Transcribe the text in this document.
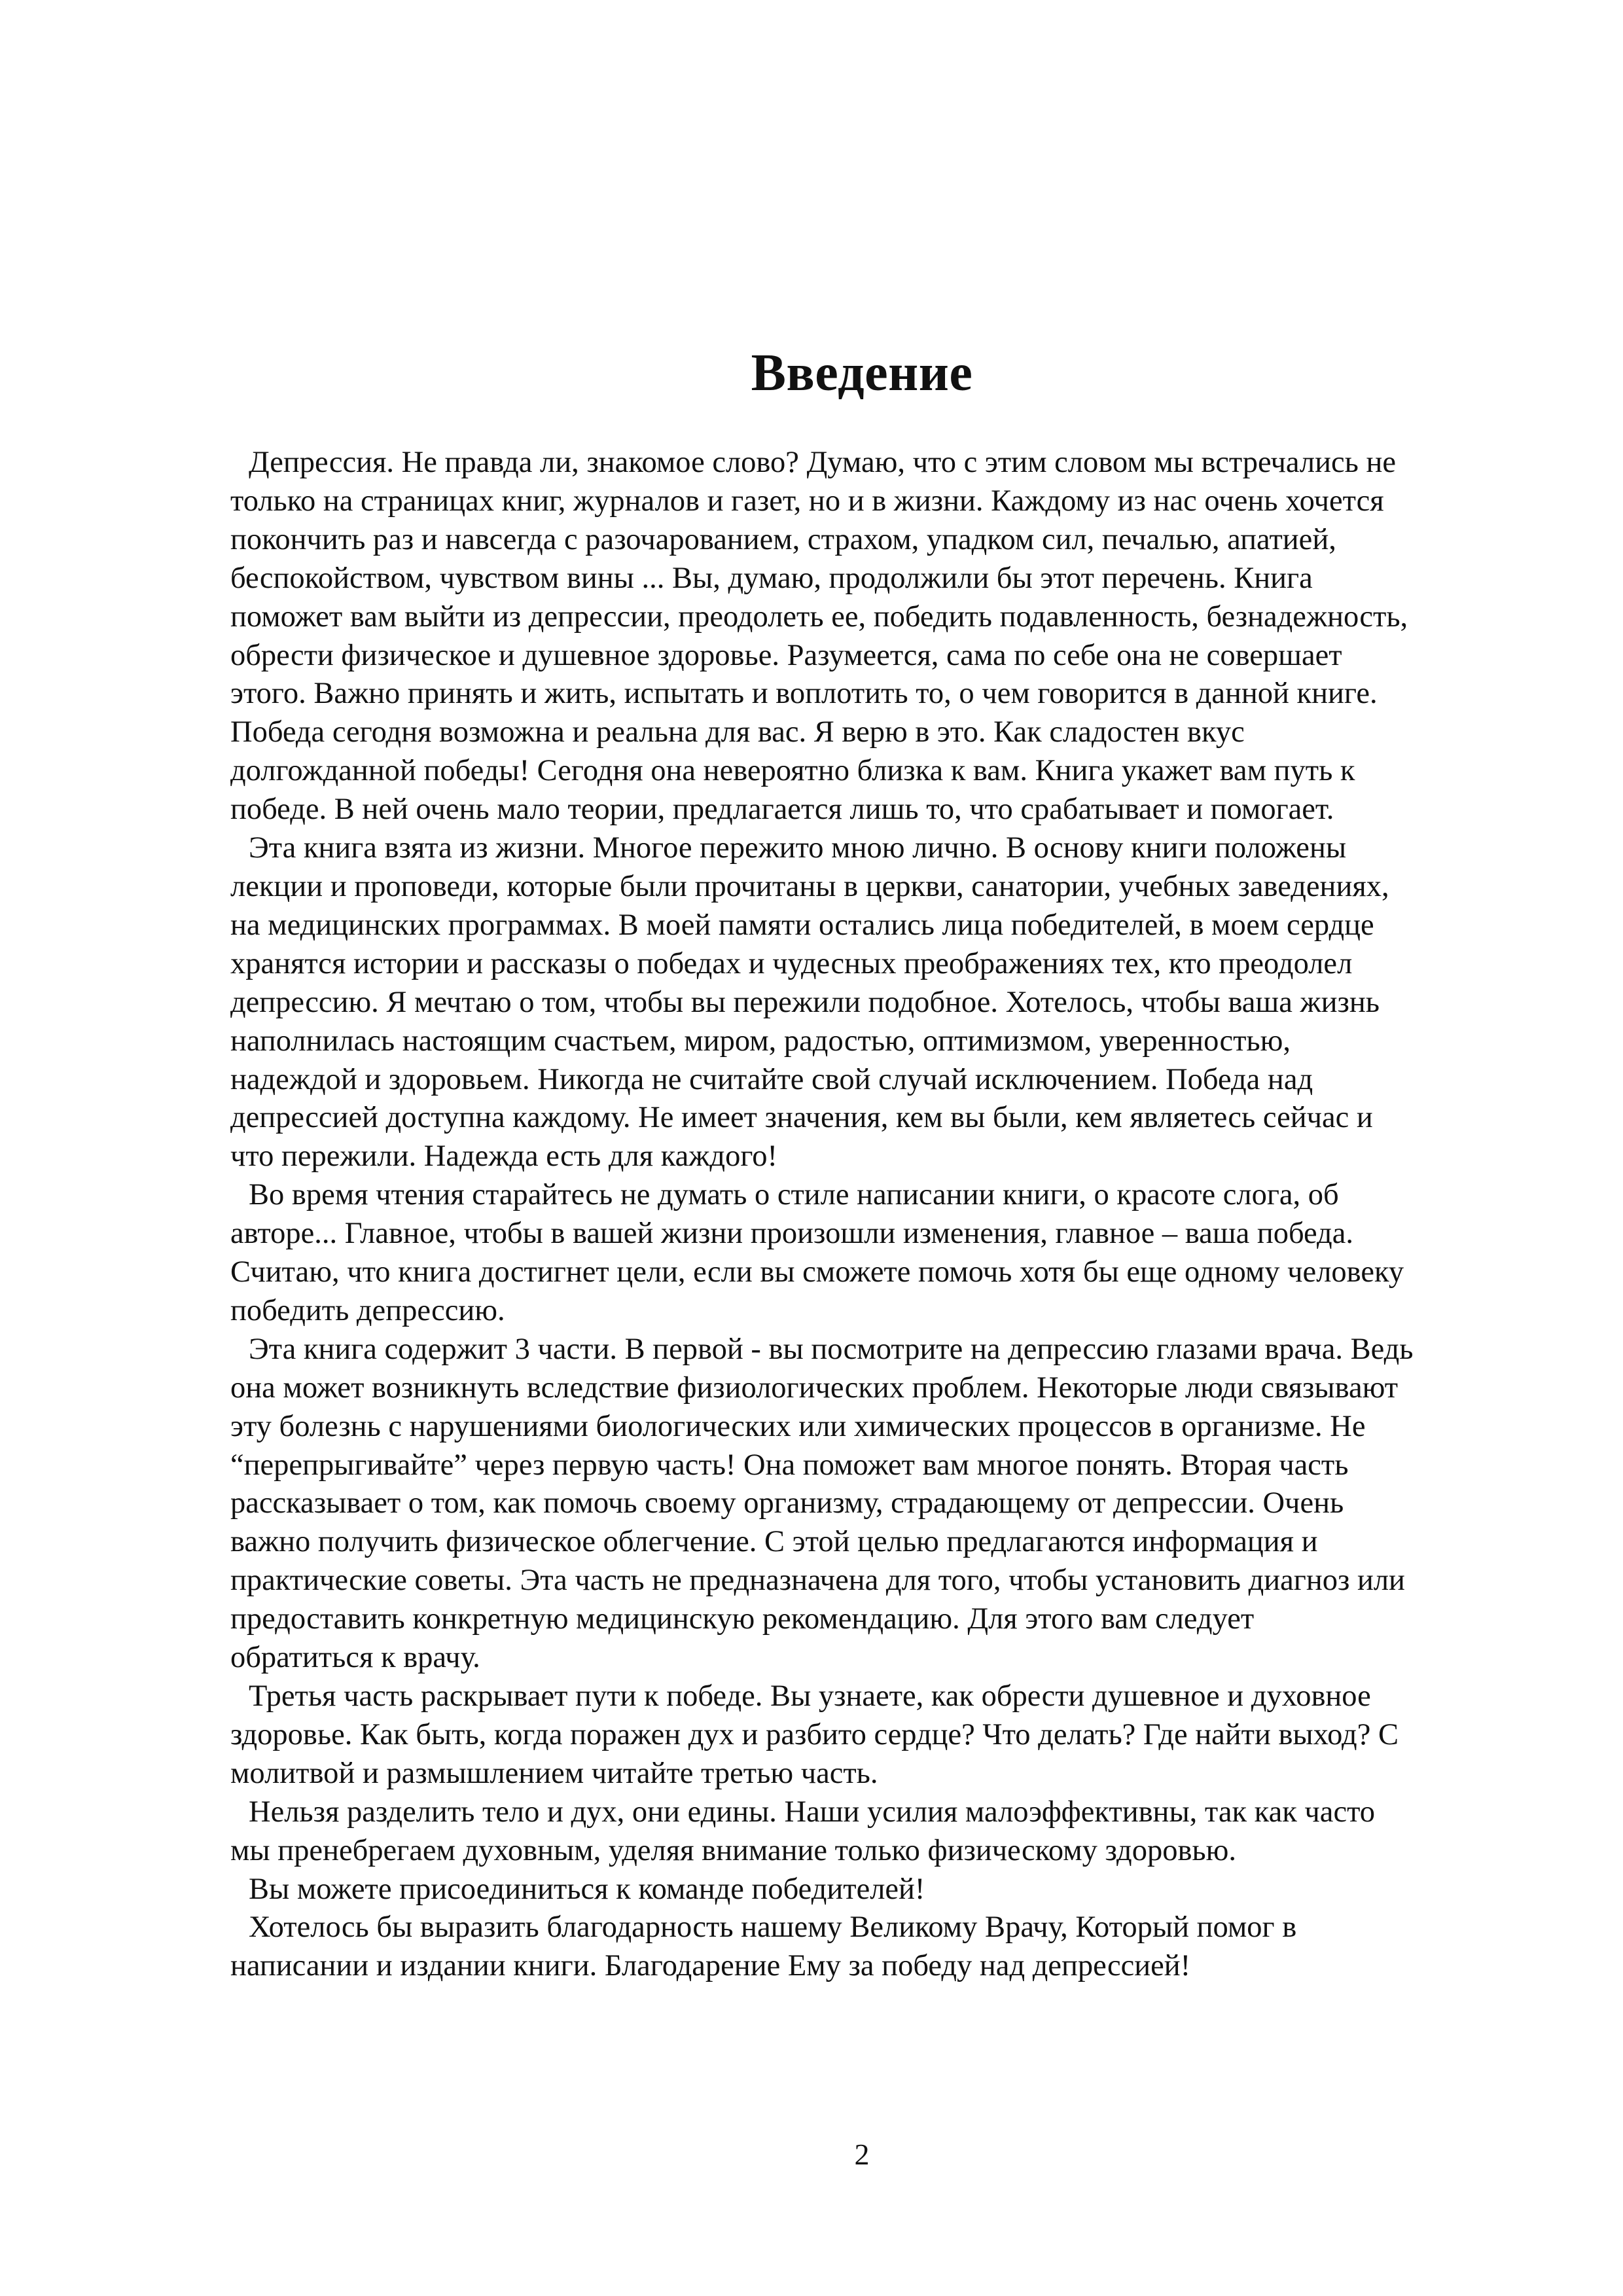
Введение

Депрессия. Не правда ли, знакомое слово? Думаю, что с этим словом мы встречались не
только на страницах книг, журналов и газет, но и в жизни. Каждому из нас очень хочется
покончить раз и навсегда с разочарованием, страхом, упадком сил, печалью, апатией,
беспокойством, чувством вины ... Вы, думаю, продолжили бы этот перечень. Книга
поможет вам выйти из депрессии, преодолеть ее, победить подавленность, безнадежность,
обрести физическое и душевное здоровье. Разумеется, сама по себе она не совершает
этого. Важно принять и жить, испытать и воплотить то, о чем говорится в данной книге.
Победа сегодня возможна и реальна для вас. Я верю в это. Как сладостен вкус
долгожданной победы! Сегодня она невероятно близка к вам. Книга укажет вам путь к
победе. В ней очень мало теории, предлагается лишь то, что срабатывает и помогает.

Эта книга взята из жизни. Многое пережито мною лично. В основу книги положены
лекции и проповеди, которые были прочитаны в церкви, санатории, учебных заведениях,
на медицинских программах. В моей памяти остались лица победителей, в моем сердце
хранятся истории и рассказы о победах и чудесных преображениях тех, кто преодолел
депрессию. Я мечтаю о том, чтобы вы пережили подобное. Хотелось, чтобы ваша жизнь
наполнилась настоящим счастьем, миром, радостью, оптимизмом, уверенностью,
надеждой и здоровьем. Никогда не считайте свой случай исключением. Победа над
депрессией доступна каждому. Не имеет значения, кем вы были, кем являетесь сейчас и
что пережили. Надежда есть для каждого!

Во время чтения старайтесь не думать о стиле написании книги, о красоте слога, об
авторе... Главное, чтобы в вашей жизни произошли изменения, главное – ваша победа.
Считаю, что книга достигнет цели, если вы сможете помочь хотя бы еще одному человеку
победить депрессию.

Эта книга содержит 3 части. В первой - вы посмотрите на депрессию глазами врача. Ведь
она может возникнуть вследствие физиологических проблем. Некоторые люди связывают
эту болезнь с нарушениями биологических или химических процессов в организме. Не
“перепрыгивайте” через первую часть! Она поможет вам многое понять. Вторая часть
рассказывает о том, как помочь своему организму, страдающему от депрессии. Очень
важно получить физическое облегчение. С этой целью предлагаются информация и
практические советы. Эта часть не предназначена для того, чтобы установить диагноз или
предоставить конкретную медицинскую рекомендацию. Для этого вам следует
обратиться к врачу.

Третья часть раскрывает пути к победе. Вы узнаете, как обрести душевное и духовное
здоровье. Как быть, когда поражен дух и разбито сердце? Что делать? Где найти выход? С
молитвой и размышлением читайте третью часть.

Нельзя разделить тело и дух, они едины. Наши усилия малоэффективны, так как часто
мы пренебрегаем духовным, уделяя внимание только физическому здоровью.

Вы можете присоединиться к команде победителей!

Хотелось бы выразить благодарность нашему Великому Врачу, Который помог в
написании и издании книги. Благодарение Ему за победу над депрессией!

2
